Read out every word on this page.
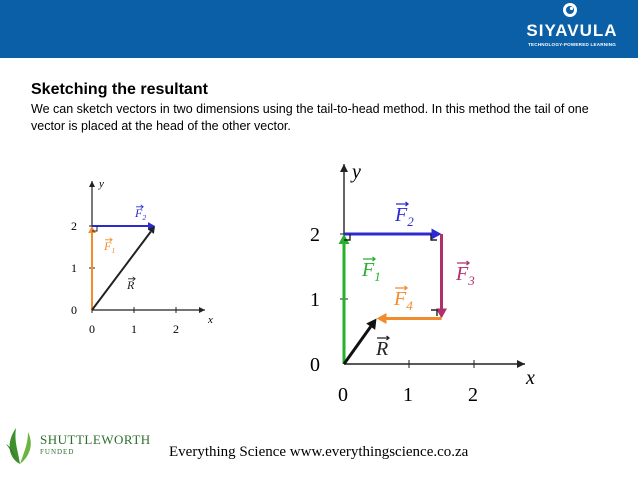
SIYAVULA
TECHNOLOGY-POWERED LEARNING
Sketching the resultant

We can sketch vectors in two dimensions using the tail-to-head method. In this method the tail of one vector is placed at the head of the other vector.

x
y
0	1	2
0
1
2
$F_1$
$F_2$
R
x
y
0	1	2
0
1
2
$F_1$
$F_2$
$F_3$
$F_4$
R
SHUTTLEWORTH
FUNDED	Everything Science www.everythingscience.co.za
